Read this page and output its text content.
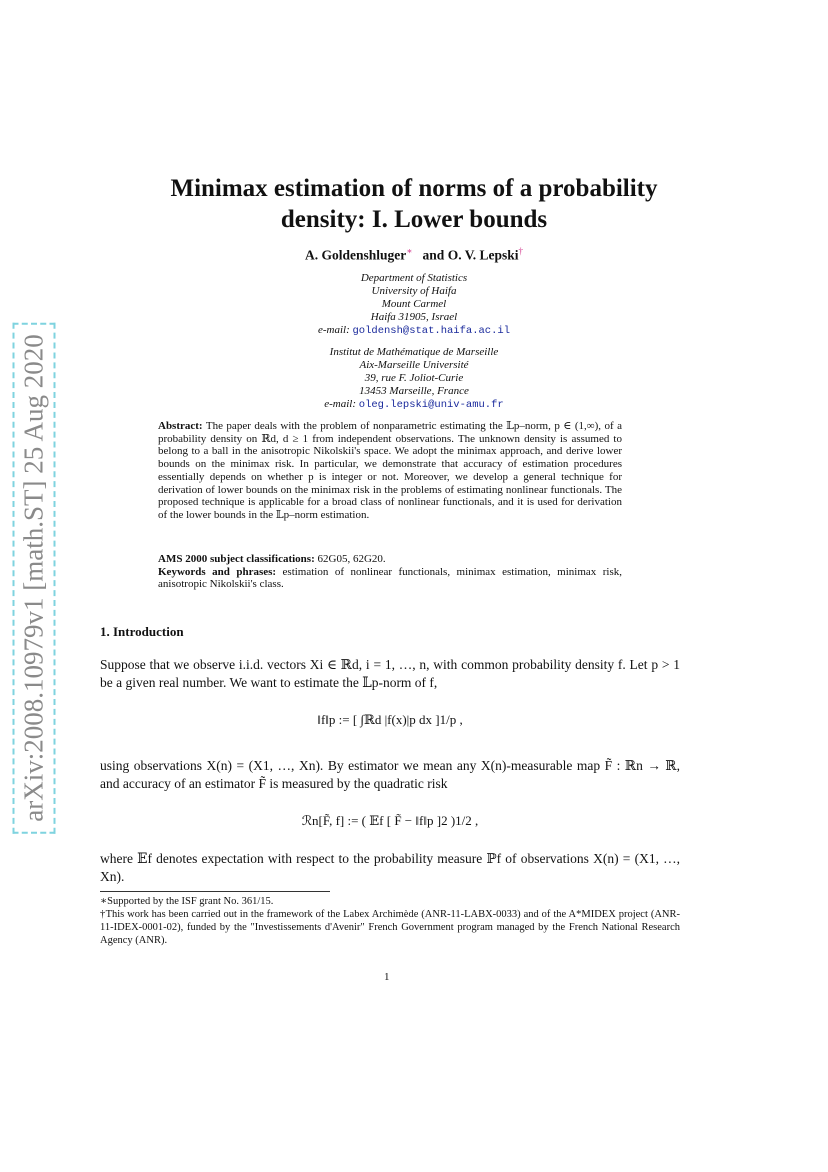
arXiv:2008.10979v1 [math.ST] 25 Aug 2020
Minimax estimation of norms of a probability
density: I. Lower bounds
A. Goldenshluger∗ and O. V. Lepski†
Department of Statistics
University of Haifa
Mount Carmel
Haifa 31905, Israel
e-mail: goldensh@stat.haifa.ac.il
Institut de Mathématique de Marseille
Aix-Marseille Université
39, rue F. Joliot-Curie
13453 Marseille, France
e-mail: oleg.lepski@univ-amu.fr
Abstract: The paper deals with the problem of nonparametric estimating the 𝕃p–norm, p ∈ (1,∞), of a probability density on ℝd, d ≥ 1 from independent observations. The unknown density is assumed to belong to a ball in the anisotropic Nikolskii's space. We adopt the minimax approach, and derive lower bounds on the minimax risk. In particular, we demonstrate that accuracy of estimation procedures essentially depends on whether p is integer or not. Moreover, we develop a general technique for derivation of lower bounds on the minimax risk in the problems of estimating nonlinear functionals. The proposed technique is applicable for a broad class of nonlinear functionals, and it is used for derivation of the lower bounds in the 𝕃p–norm estimation.
AMS 2000 subject classifications: 62G05, 62G20.
Keywords and phrases: estimation of nonlinear functionals, minimax estimation, minimax risk, anisotropic Nikolskii's class.
1. Introduction
Suppose that we observe i.i.d. vectors Xi ∈ ℝd, i = 1, …, n, with common probability density f. Let p > 1 be a given real number. We want to estimate the 𝕃p-norm of f,
‖f‖p := [ ∫ℝd |f(x)|p dx ]1/p ,
using observations X(n) = (X1, …, Xn). By estimator we mean any X(n)-measurable map F̃ : ℝn → ℝ, and accuracy of an estimator F̃ is measured by the quadratic risk
ℛn[F̃, f] := ( 𝔼f [ F̃ − ‖f‖p ]2 )1/2 ,
where 𝔼f denotes expectation with respect to the probability measure ℙf of observations X(n) = (X1, …, Xn).
∗Supported by the ISF grant No. 361/15.
†This work has been carried out in the framework of the Labex Archimède (ANR-11-LABX-0033) and of the A*MIDEX project (ANR-11-IDEX-0001-02), funded by the "Investissements d'Avenir" French Government program managed by the French National Research Agency (ANR).
1
